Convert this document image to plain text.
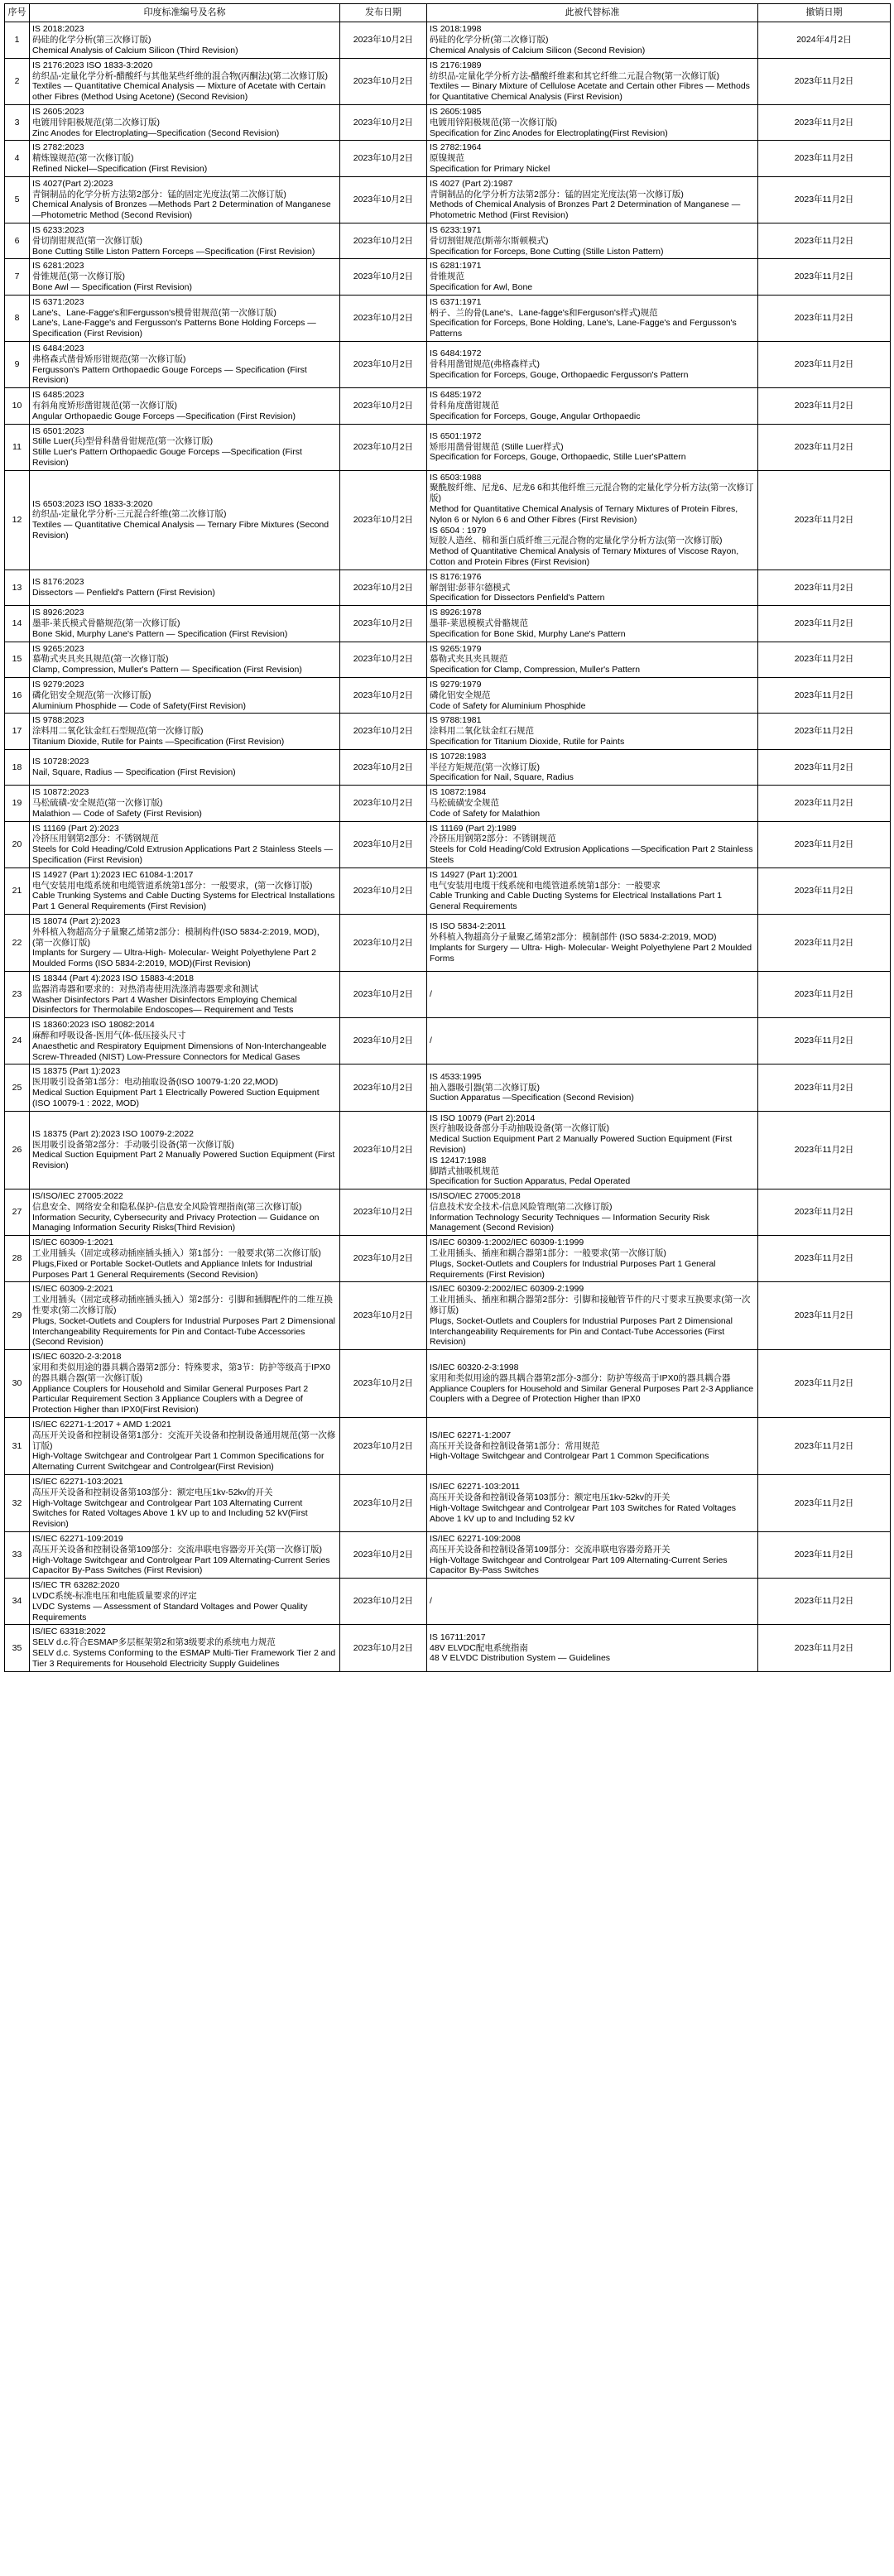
序号	印度标准编号及名称	发布日期	此被代替标准	撤销日期
1	IS 2018:2023
码硅的化学分析(第三次修订版)
Chemical Analysis of Calcium Silicon (Third Revision)	2023年10月2日	IS 2018:1998
码硅的化学分析(第二次修订版)
Chemical Analysis of Calcium Silicon (Second Revision)	2024年4月2日
2	IS 2176:2023 ISO 1833-3:2020
纺织品-定量化学分析-醋酸纤与其他某些纤维的混合物(丙酮法)(第二次修订版)
Textiles — Quantitative Chemical Analysis — Mixture of Acetate with Certain other Fibres (Method Using Acetone) (Second Revision)	2023年10月2日	IS 2176:1989
纺织品-定量化学分析方法-醋酸纤维素和其它纤维二元混合物(第一次修订版)
Textiles — Binary Mixture of Cellulose Acetate and Certain other Fibres — Methods for Quantitative Chemical Analysis (First Revision)	2023年11月2日
3	IS 2605:2023
电镀用锌阳极规范(第二次修订版)
Zinc Anodes for Electroplating—Specification (Second Revision)	2023年10月2日	IS 2605:1985
电镀用锌阳极规范(第一次修订版)
Specification for Zinc Anodes for Electroplating(First Revision)	2023年11月2日
4	IS 2782:2023
精炼镍规范(第一次修订版)
Refined Nickel—Specification (First Revision)	2023年10月2日	IS 2782:1964
原镍规范
Specification for Primary Nickel	2023年11月2日
5	IS 4027(Part 2):2023
青铜制品的化学分析方法第2部分：锰的固定光度法(第二次修订版)
Chemical Analysis of Bronzes —Methods Part 2 Determination of Manganese —Photometric Method (Second Revision)	2023年10月2日	IS 4027 (Part 2):1987
青铜制品的化学分析方法第2部分：锰的固定光度法(第一次修订版)
Methods of Chemical Analysis of Bronzes Part 2 Determination of Manganese — Photometric Method (First Revision)	2023年11月2日
6	IS 6233:2023
骨切削钳规范(第一次修订版)
Bone Cutting Stille Liston Pattern Forceps —Specification (First Revision)	2023年10月2日	IS 6233:1971
骨切割钳规范(斯蒂尔斯顿模式)
Specification for Forceps, Bone Cutting (Stille Liston Pattern)	2023年11月2日
7	IS 6281:2023
骨锥规范(第一次修订版)
Bone Awl — Specification (First Revision)	2023年10月2日	IS 6281:1971
骨锥规范
Specification for Awl, Bone	2023年11月2日
8	IS 6371:2023
Lane's、Lane-Fagge's和Fergusson's模骨钳规范(第一次修订版)
Lane's, Lane-Fagge's and Fergusson's Patterns Bone Holding Forceps —Specification (First Revision)	2023年10月2日	IS 6371:1971
柄子、兰的骨(Lane's、Lane-fagge's和Ferguson's样式)规范
Specification for Forceps, Bone Holding, Lane's, Lane-Fagge's and Fergusson's Patterns	2023年11月2日
9	IS 6484:2023
弗格森式凿骨矫形钳规范(第一次修订版)
Fergusson's Pattern Orthopaedic Gouge Forceps — Specification (First Revision)	2023年10月2日	IS 6484:1972
骨科用凿钳规范(弗格森样式)
Specification for Forceps, Gouge, Orthopaedic Fergusson's Pattern	2023年11月2日
10	IS 6485:2023
有斜角度矫形凿钳规范(第一次修订版)
Angular Orthopaedic Gouge Forceps —Specification (First Revision)	2023年10月2日	IS 6485:1972
骨科角度凿钳规范
Specification for Forceps, Gouge, Angular Orthopaedic	2023年11月2日
11	IS 6501:2023
Stille Luer(兵)型骨科凿骨钳规范(第一次修订版)
Stille Luer's Pattern Orthopaedic Gouge Forceps —Specification (First Revision)	2023年10月2日	IS 6501:1972
矫形用凿骨钳规范 (Stille Luer样式)
Specification for Forceps, Gouge, Orthopaedic, Stille Luer'sPattern	2023年11月2日
12	
IS 6503:2023 ISO 1833-3:2020
纺织品-定量化学分析-三元混合纤维(第二次修订版)
Textiles — Quantitative Chemical Analysis — Ternary Fibre Mixtures (Second Revision)
	2023年10月2日	
IS 6503:1988
聚酰胺纤维、尼龙6、尼龙6 6和其他纤维三元混合物的定量化学分析方法(第一次修订版)
Method for Quantitative Chemical Analysis of Ternary Mixtures of Protein Fibres, Nylon 6 or Nylon 6 6 and Other Fibres (First Revision)
IS 6504 : 1979
短胶人造丝、棉和蛋白质纤维三元混合物的定量化学分析方法(第一次修订版)
Method of Quantitative Chemical Analysis of Ternary Mixtures of Viscose Rayon, Cotton and Protein Fibres (First Revision)
	2023年11月2日
13	IS 8176:2023
Dissectors — Penfield's Pattern (First Revision)	2023年10月2日	IS 8176:1976
解剖钳:彭菲尔德模式
Specification for Dissectors Penfield's Pattern	2023年11月2日
14	IS 8926:2023
墨菲-莱氏模式骨骼规范(第一次修订版)
Bone Skid, Murphy Lane's Pattern — Specification (First Revision)	2023年10月2日	IS 8926:1978
墨菲-莱恩模模式骨骼规范
Specification for Bone Skid, Murphy Lane's Pattern	2023年11月2日
15	IS 9265:2023
慕勒式夹具夹具规范(第一次修订版)
Clamp, Compression, Muller's Pattern — Specification (First Revision)	2023年10月2日	IS 9265:1979
慕勒式夹具夹具规范
Specification for Clamp, Compression, Muller's Pattern	2023年11月2日
16	IS 9279:2023
磷化铝安全规范(第一次修订版)
Aluminium Phosphide — Code of Safety(First Revision)	2023年10月2日	IS 9279:1979
磷化铝安全规范
Code of Safety for Aluminium Phosphide	2023年11月2日
17	IS 9788:2023
涂料用二氧化钛金红石型规范(第一次修订版)
Titanium Dioxide, Rutile for Paints —Specification (First Revision)	2023年10月2日	IS 9788:1981
涂料用二氧化钛金红石规范
Specification for Titanium Dioxide, Rutile for Paints	2023年11月2日
18	IS 10728:2023
Nail, Square, Radius — Specification (First Revision)	2023年10月2日	IS 10728:1983
半径方矩规范(第一次修订版)
Specification for Nail, Square, Radius	2023年11月2日
19	IS 10872:2023
马松硫磺-安全规范(第一次修订版)
Malathion — Code of Safety (First Revision)	2023年10月2日	IS 10872:1984
马松硫磺安全规范
Code of Safety for Malathion	2023年11月2日
20	IS 11169 (Part 2):2023
冷挤压用钢第2部分：不锈钢规范
Steels for Cold Heading/Cold Extrusion Applications Part 2 Stainless Steels — Specification (First Revision)	2023年10月2日	IS 11169 (Part 2):1989
冷挤压用钢第2部分：不锈钢规范
Steels for Cold Heading/Cold Extrusion Applications —Specification Part 2 Stainless Steels	2023年11月2日
21	IS 14927 (Part 1):2023 IEC 61084-1:2017
电气安装用电缆系统和电缆管道系统第1部分：一般要求，(第一次修订版)
Cable Trunking Systems and Cable Ducting Systems for Electrical Installations Part 1 General Requirements (First Revision)	2023年10月2日	IS 14927 (Part 1):2001
电气安装用电缆干线系统和电缆管道系统第1部分：一般要求
Cable Trunking and Cable Ducting Systems for Electrical Installations Part 1 General Requirements	2023年11月2日
22	
IS 18074 (Part 2):2023
外科植入物超高分子量聚乙烯第2部分：模制构件(ISO 5834-2:2019, MOD)，(第一次修订版)
Implants for Surgery — Ultra-High- Molecular- Weight Polyethylene Part 2 Moulded Forms (ISO 5834-2:2019, MOD)(First Revision)
	2023年10月2日	
IS ISO 5834-2:2011
外科植入物超高分子量聚乙烯第2部分：模制部件 (ISO 5834-2:2019, MOD)
Implants for Surgery — Ultra- High- Molecular- Weight Polyethylene Part 2 Moulded Forms
	2023年11月2日
23	IS 18344 (Part 4):2023 ISO 15883-4:2018
监器消毒器和要求的：对热消毒使用洗涤消毒器要求和测试
Washer Disinfectors Part 4 Washer Disinfectors Employing Chemical Disinfectors for Thermolabile Endoscopes— Requirement and Tests	2023年10月2日	/	2023年11月2日
24	IS 18360:2023 ISO 18082:2014
麻醉和呼吸设备-医用气体-低压接头尺寸
Anaesthetic and Respiratory Equipment Dimensions of Non-Interchangeable Screw-Threaded (NIST) Low-Pressure Connectors for Medical Gases	2023年10月2日	/	2023年11月2日
25	IS 18375 (Part 1):2023
医用吸引设备第1部分：电动抽取设备(ISO 10079-1:20 22,MOD)
Medical Suction Equipment Part 1 Electrically Powered Suction Equipment (ISO 10079-1 : 2022, MOD)	2023年10月2日	IS 4533:1995
抽入器吸引器(第二次修订版)
Suction Apparatus —Specification (Second Revision)	2023年11月2日
26	
IS 18375 (Part 2):2023 ISO 10079-2:2022
医用吸引设备第2部分：手动吸引设备(第一次修订版)
Medical Suction Equipment Part 2 Manually Powered Suction Equipment (First Revision)
	2023年10月2日	
IS ISO 10079 (Part 2):2014
医疗抽吸设备部分手动抽吸设备(第一次修订版)
Medical Suction Equipment Part 2 Manually Powered Suction Equipment (First Revision)
IS 12417:1988
脚踏式抽吸机规范
Specification for Suction Apparatus, Pedal Operated
	2023年11月2日
27	IS/ISO/IEC 27005:2022
信息安全、网络安全和隐私保护-信息安全风险管理指南(第三次修订版)
Information Security, Cybersecurity and Privacy Protection — Guidance on Managing Information Security Risks(Third Revision)	2023年10月2日	IS/ISO/IEC 27005:2018
信息技术安全技术-信息风险管理(第二次修订版)
Information Technology Security Techniques — Information Security Risk Management (Second Revision)	2023年11月2日
28	IS/IEC 60309-1:2021
工业用插头（固定或移动插座插头插入）第1部分：一般要求(第二次修订版)
Plugs,Fixed or Portable Socket-Outlets and Appliance Inlets for Industrial Purposes Part 1 General Requirements (Second Revision)	2023年10月2日	IS/IEC 60309-1:2002/IEC 60309-1:1999
工业用插头、插座和耦合器第1部分：一般要求(第一次修订版)
Plugs, Socket-Outlets and Couplers for Industrial Purposes Part 1 General Requirements (First Revision)	2023年11月2日
29	
IS/IEC 60309-2:2021
工业用插头（固定或移动插座插头插入）第2部分：引脚和插脚配件的二维互换性要求(第二次修订版)
Plugs, Socket-Outlets and Couplers for Industrial Purposes Part 2 Dimensional Interchangeability Requirements for Pin and Contact-Tube Accessories (Second Revision)
	2023年10月2日	
IS/IEC 60309-2:2002/IEC 60309-2:1999
工业用插头、插座和耦合器第2部分：引脚和接触管节件的尺寸要求互换要求(第一次修订版)
Plugs, Socket-Outlets and Couplers for Industrial Purposes Part 2 Dimensional Interchangeability Requirements for Pin and Contact-Tube Accessories (First Revision)
	2023年11月2日
30	
IS/IEC 60320-2-3:2018
家用和类似用途的器具耦合器第2部分：特殊要求，第3节：防护等级高于IPX0的器具耦合器(第一次修订版)
Appliance Couplers for Household and Similar General Purposes Part 2 Particular Requirement Section 3 Appliance Couplers with a Degree of Protection Higher than IPX0(First Revision)
	2023年10月2日	
IS/IEC 60320-2-3:1998
家用和类似用途的器具耦合器第2部分-3部分：防护等级高于IPX0的器具耦合器
Appliance Couplers for Household and Similar General Purposes Part 2-3 Appliance Couplers with a Degree of Protection Higher than IPX0
	2023年11月2日
31	
IS/IEC 62271-1:2017 + AMD 1:2021
高压开关设备和控制设备第1部分：交流开关设备和控制设备通用规范(第一次修订版)
High-Voltage Switchgear and Controlgear Part 1 Common Specifications for Alternating Current Switchgear and Controlgear(First Revision)
	2023年10月2日	
IS/IEC 62271-1:2007
高压开关设备和控制设备第1部分：常用规范
High-Voltage Switchgear and Controlgear Part 1 Common Specifications
	2023年11月2日
32	
IS/IEC 62271-103:2021
高压开关设备和控制设备第103部分：额定电压1kv-52kv的开关
High-Voltage Switchgear and Controlgear Part 103 Alternating Current Switches for Rated Voltages Above 1 kV up to and Including 52 kV(First Revision)
	2023年10月2日	
IS/IEC 62271-103:2011
高压开关设备和控制设备第103部分：额定电压1kv-52kv的开关
High-Voltage Switchgear and Controlgear Part 103 Switches for Rated Voltages Above 1 kV up to and Including 52 kV
	2023年11月2日
33	IS/IEC 62271-109:2019
高压开关设备和控制设备第109部分：交流串联电容器旁开关(第一次修订版)
High-Voltage Switchgear and Controlgear Part 109 Alternating-Current Series Capacitor By-Pass Switches (First Revision)	2023年10月2日	IS/IEC 62271-109:2008
高压开关设备和控制设备第109部分：交流串联电容器旁路开关
High-Voltage Switchgear and Controlgear Part 109 Alternating-Current Series Capacitor By-Pass Switches	2023年11月2日
34	IS/IEC TR 63282:2020
LVDC系统-标准电压和电能质量要求的评定
LVDC Systems — Assessment of Standard Voltages and Power Quality Requirements	2023年10月2日	/	2023年11月2日
35	IS/IEC 63318:2022
SELV d.c.符合ESMAP多层框架第2和第3级要求的系统电力规范
SELV d.c. Systems Conforming to the ESMAP Multi-Tier Framework Tier 2 and Tier 3 Requirements for Household Electricity Supply Guidelines	2023年10月2日	IS 16711:2017
48V ELVDC配电系统指南
48 V ELVDC Distribution System — Guidelines	2023年11月2日
